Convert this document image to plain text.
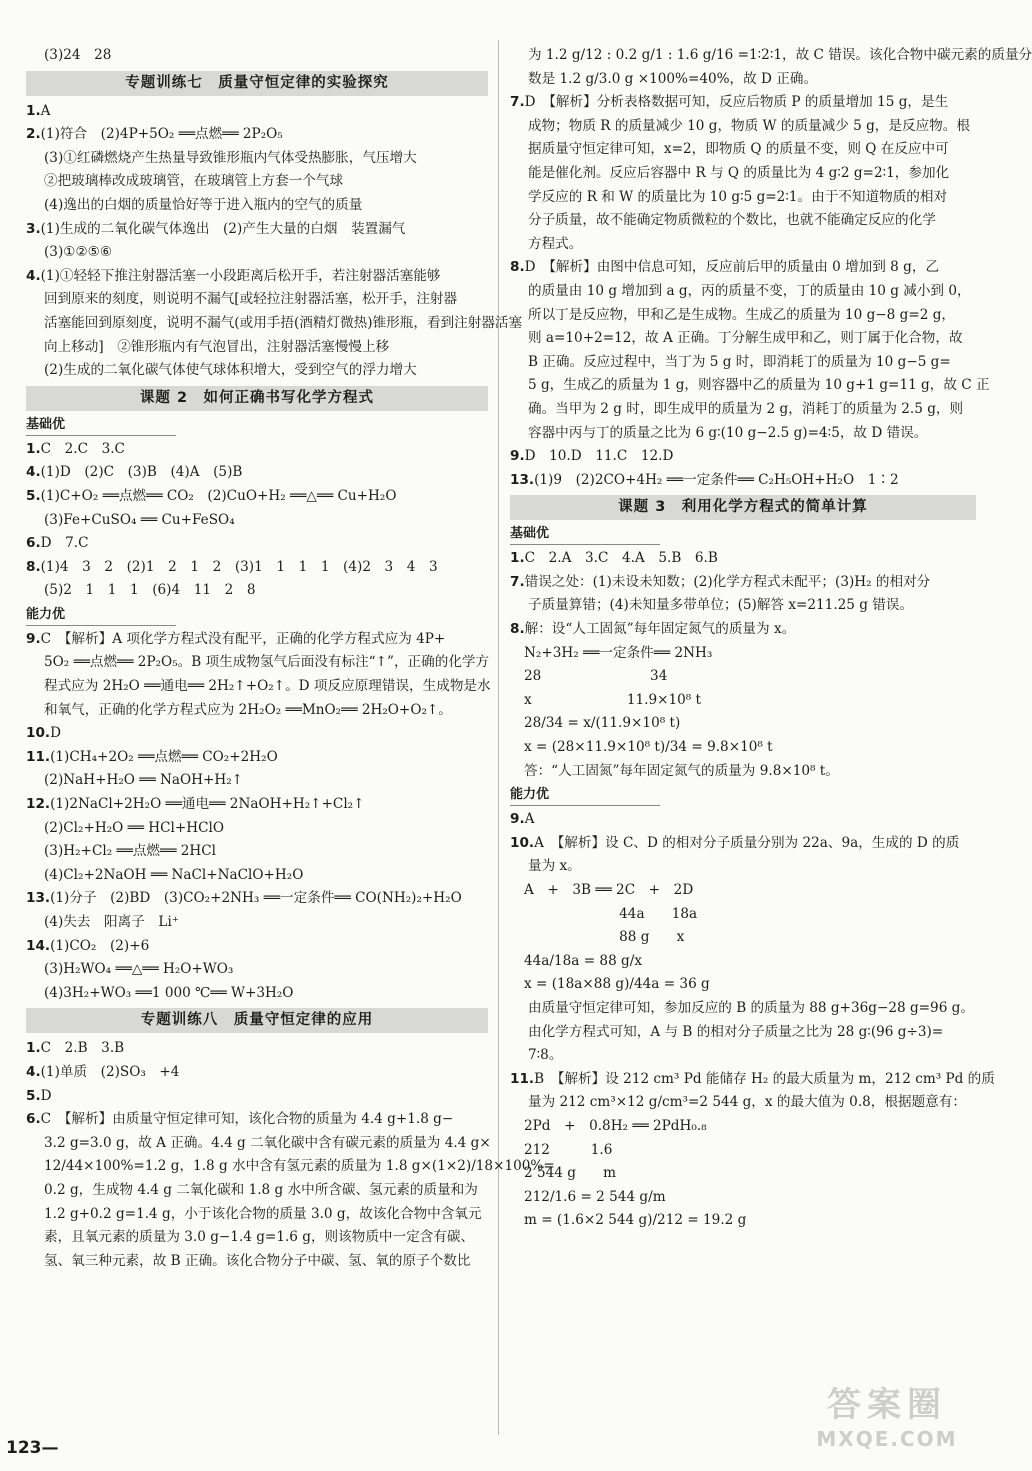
(3)24　28
专题训练七　质量守恒定律的实验探究
1.A
2.(1)符合　(2)4P+5O₂ ══点燃══ 2P₂O₅
(3)①红磷燃烧产生热量导致锥形瓶内气体受热膨胀，气压增大
②把玻璃棒改成玻璃管，在玻璃管上方套一个气球
(4)逸出的白烟的质量恰好等于进入瓶内的空气的质量
3.(1)生成的二氧化碳气体逸出　(2)产生大量的白烟　装置漏气
(3)①②⑤⑥
4.(1)①轻轻下推注射器活塞一小段距离后松开手，若注射器活塞能够
回到原来的刻度，则说明不漏气[或轻拉注射器活塞，松开手，注射器
活塞能回到原刻度，说明不漏气(或用手捂(酒精灯微热)锥形瓶，看到注射器活塞
向上移动]　②锥形瓶内有气泡冒出，注射器活塞慢慢上移
(2)生成的二氧化碳气体使气球体积增大，受到空气的浮力增大
课题 2　如何正确书写化学方程式
基础优
1.C　2.C　3.C
4.(1)D　(2)C　(3)B　(4)A　(5)B
5.(1)C+O₂ ══点燃══ CO₂　(2)CuO+H₂ ══△══ Cu+H₂O
(3)Fe+CuSO₄ ══ Cu+FeSO₄
6.D　7.C
8.(1)4　3　2　(2)1　2　1　2　(3)1　1　1　1　(4)2　3　4　3
(5)2　1　1　1　(6)4　11　2　8
能力优
9.C　【解析】A 项化学方程式没有配平，正确的化学方程式应为 4P+
5O₂ ══点燃══ 2P₂O₅。B 项生成物氢气后面没有标注“↑”，正确的化学方
程式应为 2H₂O ══通电══ 2H₂↑+O₂↑。D 项反应原理错误，生成物是水
和氧气，正确的化学方程式应为 2H₂O₂ ══MnO₂══ 2H₂O+O₂↑。
10.D
11.(1)CH₄+2O₂ ══点燃══ CO₂+2H₂O
(2)NaH+H₂O ══ NaOH+H₂↑
12.(1)2NaCl+2H₂O ══通电══ 2NaOH+H₂↑+Cl₂↑
(2)Cl₂+H₂O ══ HCl+HClO
(3)H₂+Cl₂ ══点燃══ 2HCl
(4)Cl₂+2NaOH ══ NaCl+NaClO+H₂O
13.(1)分子　(2)BD　(3)CO₂+2NH₃ ══一定条件══ CO(NH₂)₂+H₂O
(4)失去　阳离子　Li⁺
14.(1)CO₂　(2)+6
(3)H₂WO₄ ══△══ H₂O+WO₃
(4)3H₂+WO₃ ══1 000 ℃══ W+3H₂O
专题训练八　质量守恒定律的应用
1.C　2.B　3.B
4.(1)单质　(2)SO₃　+4
5.D
6.C　【解析】由质量守恒定律可知，该化合物的质量为 4.4 g+1.8 g−
3.2 g=3.0 g，故 A 正确。4.4 g 二氧化碳中含有碳元素的质量为 4.4 g×
12/44×100%=1.2 g，1.8 g 水中含有氢元素的质量为 1.8 g×(1×2)/18×100%=
0.2 g，生成物 4.4 g 二氧化碳和 1.8 g 水中所含碳、氢元素的质量和为
1.2 g+0.2 g=1.4 g，小于该化合物的质量 3.0 g，故该化合物中含氧元
素，且氧元素的质量为 3.0 g−1.4 g=1.6 g，则该物质中一定含有碳、
氢、氧三种元素，故 B 正确。该化合物分子中碳、氢、氧的原子个数比
为 1.2 g/12 : 0.2 g/1 : 1.6 g/16 =1∶2∶1，故 C 错误。该化合物中碳元素的质量分
数是 1.2 g/3.0 g ×100%=40%，故 D 正确。
7.D　【解析】分析表格数据可知，反应后物质 P 的质量增加 15 g，是生
成物；物质 R 的质量减少 10 g，物质 W 的质量减少 5 g，是反应物。根
据质量守恒定律可知，x=2，即物质 Q 的质量不变，则 Q 在反应中可
能是催化剂。反应后容器中 R 与 Q 的质量比为 4 g∶2 g=2∶1，参加化
学反应的 R 和 W 的质量比为 10 g∶5 g=2∶1。由于不知道物质的相对
分子质量，故不能确定物质微粒的个数比，也就不能确定反应的化学
方程式。
8.D　【解析】由图中信息可知，反应前后甲的质量由 0 增加到 8 g，乙
的质量由 10 g 增加到 a g，丙的质量不变，丁的质量由 10 g 减小到 0，
所以丁是反应物，甲和乙是生成物。生成乙的质量为 10 g−8 g=2 g，
则 a=10+2=12，故 A 正确。丁分解生成甲和乙，则丁属于化合物，故
B 正确。反应过程中，当丁为 5 g 时，即消耗丁的质量为 10 g−5 g=
5 g，生成乙的质量为 1 g，则容器中乙的质量为 10 g+1 g=11 g，故 C 正
确。当甲为 2 g 时，即生成甲的质量为 2 g，消耗丁的质量为 2.5 g，则
容器中丙与丁的质量之比为 6 g∶(10 g−2.5 g)=4∶5，故 D 错误。
9.D　10.D　11.C　12.D
13.(1)9　(2)2CO+4H₂ ══一定条件══ C₂H₅OH+H₂O　1∶2
课题 3　利用化学方程式的简单计算
基础优
1.C　2.A　3.C　4.A　5.B　6.B
7.错误之处：(1)未设未知数；(2)化学方程式未配平；(3)H₂ 的相对分
子质量算错；(4)未知量多带单位；(5)解答 x=211.25 g 错误。
8.解：设“人工固氮”每年固定氮气的质量为 x。
N₂+3H₂ ══一定条件══ 2NH₃
28　　　　　　　　34
x　　　　　　　11.9×10⁸ t
28/34 = x/(11.9×10⁸ t)
x = (28×11.9×10⁸ t)/34 = 9.8×10⁸ t
答：“人工固氮”每年固定氮气的质量为 9.8×10⁸ t。
能力优
9.A
10.A　【解析】设 C、D 的相对分子质量分别为 22a、9a，生成的 D 的质
量为 x。
A　+　3B ══ 2C　+　2D
　　　　　　　44a　　18a
　　　　　　　88 g　　x
44a/18a = 88 g/x
x = (18a×88 g)/44a = 36 g
由质量守恒定律可知，参加反应的 B 的质量为 88 g+36g−28 g=96 g。
由化学方程式可知，A 与 B 的相对分子质量之比为 28 g∶(96 g÷3)=
7∶8。
11.B　【解析】设 212 cm³ Pd 能储存 H₂ 的最大质量为 m，212 cm³ Pd 的质
量为 212 cm³×12 g/cm³=2 544 g，x 的最大值为 0.8，根据题意有：
2Pd　+　0.8H₂ ══ 2PdH₀.₈
212　　　1.6
2 544 g　　m
212/1.6 = 2 544 g/m
m = (1.6×2 544 g)/212 = 19.2 g
123—
答案圈
MXQE.COM
